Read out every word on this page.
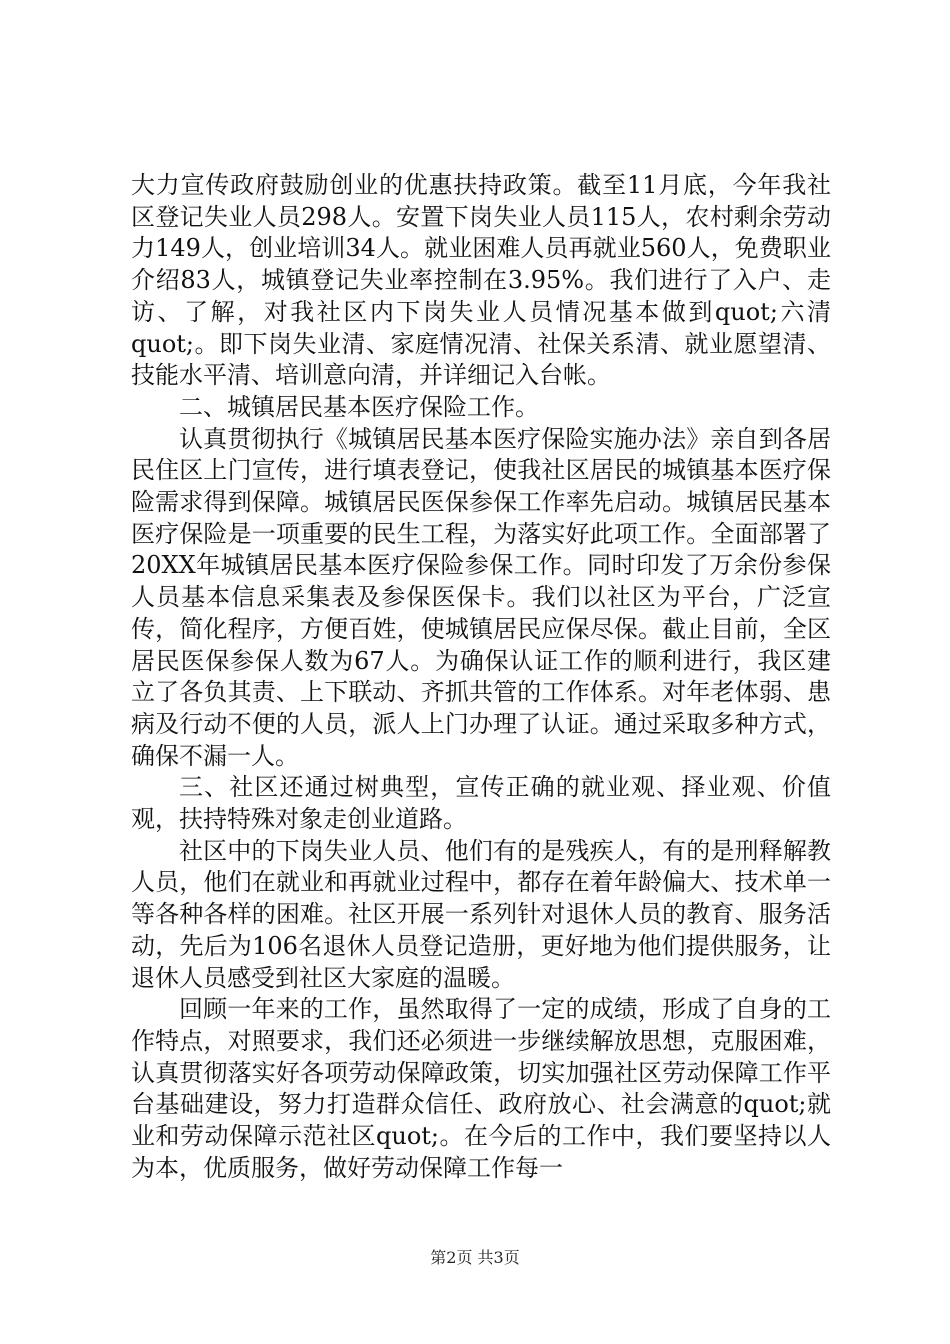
大力宣传政府鼓励创业的优惠扶持政策。截至11月底，今年我社区登记失业人员298人。安置下岗失业人员115人，农村剩余劳动力149人，创业培训34人。就业困难人员再就业560人，免费职业介绍83人，城镇登记失业率控制在3.95%。我们进行了入户、走访、了解，对我社区内下岗失业人员情况基本做到quot;六清quot;。即下岗失业清、家庭情况清、社保关系清、就业愿望清、技能水平清、培训意向清，并详细记入台帐。

二、城镇居民基本医疗保险工作。

认真贯彻执行《城镇居民基本医疗保险实施办法》亲自到各居民住区上门宣传，进行填表登记，使我社区居民的城镇基本医疗保险需求得到保障。城镇居民医保参保工作率先启动。城镇居民基本医疗保险是一项重要的民生工程，为落实好此项工作。全面部署了20XX年城镇居民基本医疗保险参保工作。同时印发了万余份参保人员基本信息采集表及参保医保卡。我们以社区为平台，广泛宣传，简化程序，方便百姓，使城镇居民应保尽保。截止目前，全区居民医保参保人数为67人。为确保认证工作的顺利进行，我区建立了各负其责、上下联动、齐抓共管的工作体系。对年老体弱、患病及行动不便的人员，派人上门办理了认证。通过采取多种方式，确保不漏一人。

三、社区还通过树典型，宣传正确的就业观、择业观、价值观，扶持特殊对象走创业道路。

社区中的下岗失业人员、他们有的是残疾人，有的是刑释解教人员，他们在就业和再就业过程中，都存在着年龄偏大、技术单一等各种各样的困难。社区开展一系列针对退休人员的教育、服务活动，先后为106名退休人员登记造册，更好地为他们提供服务，让退休人员感受到社区大家庭的温暖。

回顾一年来的工作，虽然取得了一定的成绩，形成了自身的工作特点，对照要求，我们还必须进一步继续解放思想，克服困难，认真贯彻落实好各项劳动保障政策，切实加强社区劳动保障工作平台基础建设，努力打造群众信任、政府放心、社会满意的quot;就业和劳动保障示范社区quot;。在今后的工作中，我们要坚持以人为本，优质服务，做好劳动保障工作每一

第2页 共3页
